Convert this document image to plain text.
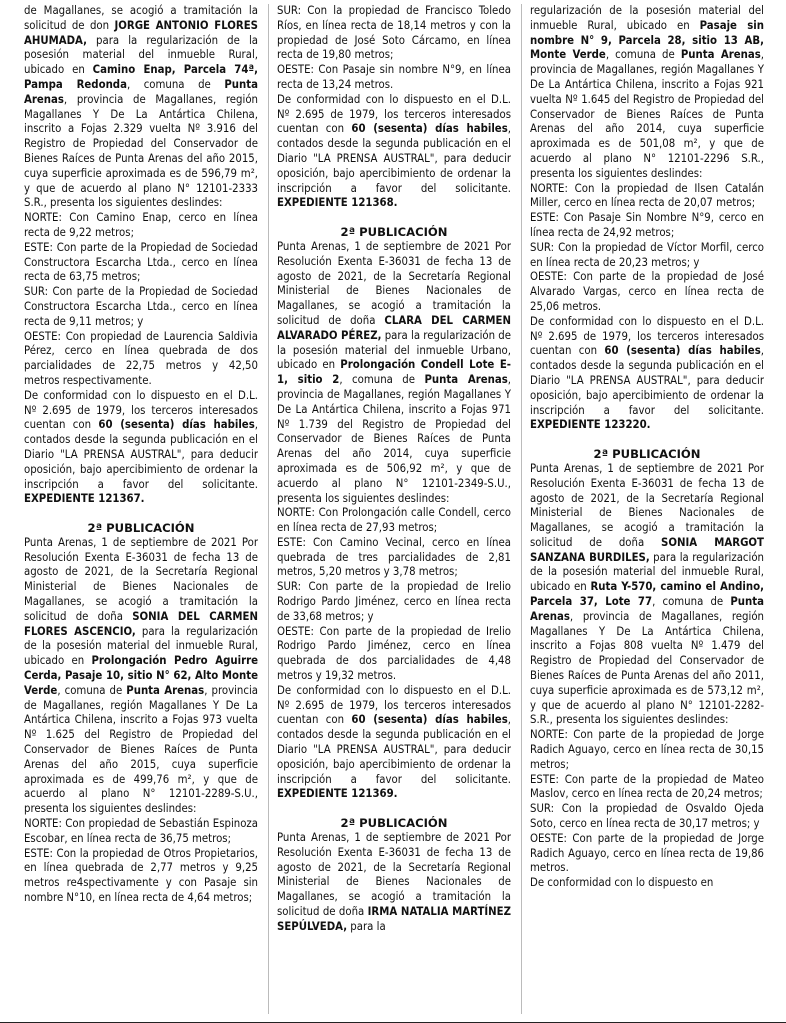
de Magallanes, se acogió a tramitación la solicitud de don JORGE ANTONIO FLORES AHUMADA, para la regularización de la posesión material del inmueble Rural, ubicado en Camino Enap, Parcela 74ª, Pampa Redonda, comuna de Punta Arenas, provincia de Magallanes, región Magallanes Y De La Antártica Chilena, inscrito a Fojas 2.329 vuelta Nº 3.916 del Registro de Propiedad del Conservador de Bienes Raíces de Punta Arenas del año 2015, cuya superficie aproximada es de 596,79 m², y que de acuerdo al plano N° 12101-2333 S.R., presenta los siguientes deslindes:

NORTE: Con Camino Enap, cerco en línea recta de 9,22 metros;

ESTE: Con parte de la Propiedad de Sociedad Constructora Escarcha Ltda., cerco en línea recta de 63,75 metros;

SUR: Con parte de la Propiedad de Sociedad Constructora Escarcha Ltda., cerco en línea recta de 9,11 metros; y

OESTE: Con propiedad de Laurencia Saldivia Pérez, cerco en línea quebrada de dos parcialidades de 22,75 metros y 42,50 metros respectivamente.

De conformidad con lo dispuesto en el D.L. Nº 2.695 de 1979, los terceros interesados cuentan con 60 (sesenta) días habiles, contados desde la segunda publicación en el Diario "LA PRENSA AUSTRAL", para deducir oposición, bajo apercibimiento de ordenar la inscripción a favor del solicitante. EXPEDIENTE 121367.

2ª PUBLICACIÓN

Punta Arenas, 1 de septiembre de 2021 Por Resolución Exenta E-36031 de fecha 13 de agosto de 2021, de la Secretaría Regional Ministerial de Bienes Nacionales de Magallanes, se acogió a tramitación la solicitud de doña SONIA DEL CARMEN FLORES ASCENCIO, para la regularización de la posesión material del inmueble Rural, ubicado en Prolongación Pedro Aguirre Cerda, Pasaje 10, sitio N° 62, Alto Monte Verde, comuna de Punta Arenas, provincia de Magallanes, región Magallanes Y De La Antártica Chilena, inscrito a Fojas 973 vuelta Nº 1.625 del Registro de Propiedad del Conservador de Bienes Raíces de Punta Arenas del año 2015, cuya superficie aproximada es de 499,76 m², y que de acuerdo al plano N° 12101-2289-S.U., presenta los siguientes deslindes:

NORTE: Con propiedad de Sebastián Espinoza Escobar, en línea recta de 36,75 metros;

ESTE: Con la propiedad de Otros Propietarios, en línea quebrada de 2,77 metros y 9,25 metros re4spectivamente y con Pasaje sin nombre N°10, en línea recta de 4,64 metros;

SUR: Con la propiedad de Francisco Toledo Ríos, en línea recta de 18,14 metros y con la propiedad de José Soto Cárcamo, en línea recta de 19,80 metros;

OESTE: Con Pasaje sin nombre N°9, en línea recta de 13,24 metros.

De conformidad con lo dispuesto en el D.L. Nº 2.695 de 1979, los terceros interesados cuentan con 60 (sesenta) días habiles, contados desde la segunda publicación en el Diario "LA PRENSA AUSTRAL", para deducir oposición, bajo apercibimiento de ordenar la inscripción a favor del solicitante. EXPEDIENTE 121368.

2ª PUBLICACIÓN

Punta Arenas, 1 de septiembre de 2021 Por Resolución Exenta E-36031 de fecha 13 de agosto de 2021, de la Secretaría Regional Ministerial de Bienes Nacionales de Magallanes, se acogió a tramitación la solicitud de doña CLARA DEL CARMEN ALVARADO PÉREZ, para la regularización de la posesión material del inmueble Urbano, ubicado en Prolongación Condell Lote E-1, sitio 2, comuna de Punta Arenas, provincia de Magallanes, región Magallanes Y De La Antártica Chilena, inscrito a Fojas 971 Nº 1.739 del Registro de Propiedad del Conservador de Bienes Raíces de Punta Arenas del año 2014, cuya superficie aproximada es de 506,92 m², y que de acuerdo al plano N° 12101-2349-S.U., presenta los siguientes deslindes:

NORTE: Con Prolongación calle Condell, cerco en línea recta de 27,93 metros;

ESTE: Con Camino Vecinal, cerco en línea quebrada de tres parcialidades de 2,81 metros, 5,20 metros y 3,78 metros;

SUR: Con parte de la propiedad de Irelio Rodrigo Pardo Jiménez, cerco en línea recta de 33,68 metros; y

OESTE: Con parte de la propiedad de Irelio Rodrigo Pardo Jiménez, cerco en línea quebrada de dos parcialidades de 4,48 metros y 19,32 metros.

De conformidad con lo dispuesto en el D.L. Nº 2.695 de 1979, los terceros interesados cuentan con 60 (sesenta) días habiles, contados desde la segunda publicación en el Diario "LA PRENSA AUSTRAL", para deducir oposición, bajo apercibimiento de ordenar la inscripción a favor del solicitante. EXPEDIENTE 121369.

2ª PUBLICACIÓN

Punta Arenas, 1 de septiembre de 2021 Por Resolución Exenta E-36031 de fecha 13 de agosto de 2021, de la Secretaría Regional Ministerial de Bienes Nacionales de Magallanes, se acogió a tramitación la solicitud de doña IRMA NATALIA MARTÍNEZ SEPÚLVEDA, para la

regularización de la posesión material del inmueble Rural, ubicado en Pasaje sin nombre N° 9, Parcela 28, sitio 13 AB, Monte Verde, comuna de Punta Arenas, provincia de Magallanes, región Magallanes Y De La Antártica Chilena, inscrito a Fojas 921 vuelta Nº 1.645 del Registro de Propiedad del Conservador de Bienes Raíces de Punta Arenas del año 2014, cuya superficie aproximada es de 501,08 m², y que de acuerdo al plano N° 12101-2296 S.R., presenta los siguientes deslindes:

NORTE: Con la propiedad de Ilsen Catalán Miller, cerco en línea recta de 20,07 metros;

ESTE: Con Pasaje Sin Nombre N°9, cerco en línea recta de 24,92 metros;

SUR: Con la propiedad de Víctor Morfil, cerco en línea recta de 20,23 metros; y

OESTE: Con parte de la propiedad de José Alvarado Vargas, cerco en línea recta de 25,06 metros.

De conformidad con lo dispuesto en el D.L. Nº 2.695 de 1979, los terceros interesados cuentan con 60 (sesenta) días habiles, contados desde la segunda publicación en el Diario "LA PRENSA AUSTRAL", para deducir oposición, bajo apercibimiento de ordenar la inscripción a favor del solicitante. EXPEDIENTE 123220.

2ª PUBLICACIÓN

Punta Arenas, 1 de septiembre de 2021 Por Resolución Exenta E-36031 de fecha 13 de agosto de 2021, de la Secretaría Regional Ministerial de Bienes Nacionales de Magallanes, se acogió a tramitación la solicitud de doña SONIA MARGOT SANZANA BURDILES, para la regularización de la posesión material del inmueble Rural, ubicado en Ruta Y-570, camino el Andino, Parcela 37, Lote 77, comuna de Punta Arenas, provincia de Magallanes, región Magallanes Y De La Antártica Chilena, inscrito a Fojas 808 vuelta Nº 1.479 del Registro de Propiedad del Conservador de Bienes Raíces de Punta Arenas del año 2011, cuya superficie aproximada es de 573,12 m², y que de acuerdo al plano N° 12101-2282-S.R., presenta los siguientes deslindes:

NORTE: Con parte de la propiedad de Jorge Radich Aguayo, cerco en línea recta de 30,15 metros;

ESTE: Con parte de la propiedad de Mateo Maslov, cerco en línea recta de 20,24 metros;

SUR: Con la propiedad de Osvaldo Ojeda Soto, cerco en línea recta de 30,17 metros; y

OESTE: Con parte de la propiedad de Jorge Radich Aguayo, cerco en línea recta de 19,86 metros.

De conformidad con lo dispuesto en
